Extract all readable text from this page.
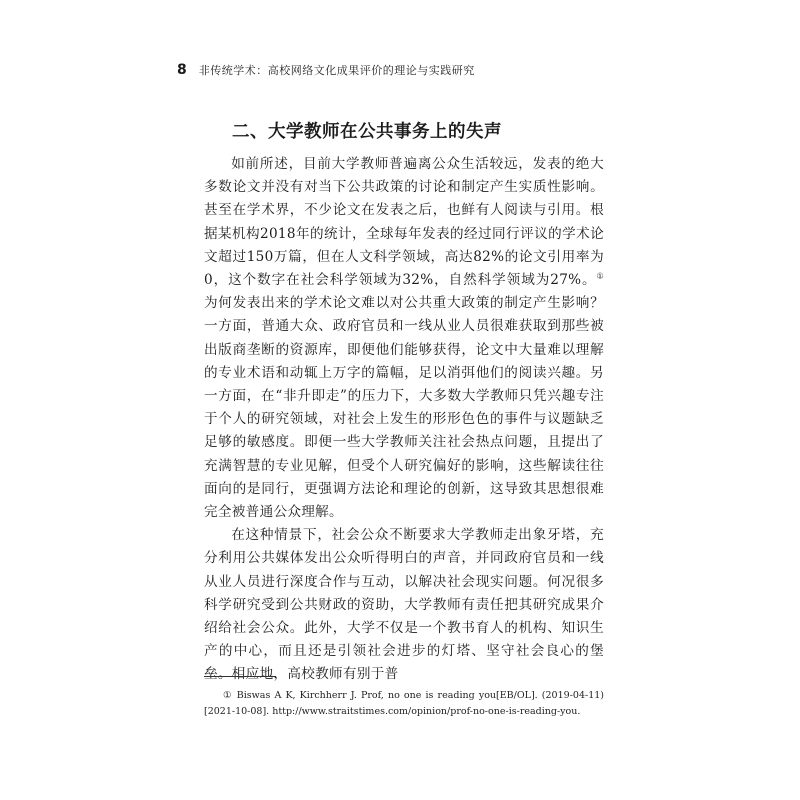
8 非传统学术：高校网络文化成果评价的理论与实践研究
二、大学教师在公共事务上的失声

如前所述，目前大学教师普遍离公众生活较远，发表的绝大多数论文并没有对当下公共政策的讨论和制定产生实质性影响。甚至在学术界，不少论文在发表之后，也鲜有人阅读与引用。根据某机构2018年的统计，全球每年发表的经过同行评议的学术论文超过150万篇，但在人文科学领域，高达82%的论文引用率为0，这个数字在社会科学领域为32%，自然科学领域为27%。① 为何发表出来的学术论文难以对公共重大政策的制定产生影响？一方面，普通大众、政府官员和一线从业人员很难获取到那些被出版商垄断的资源库，即便他们能够获得，论文中大量难以理解的专业术语和动辄上万字的篇幅，足以消弭他们的阅读兴趣。另一方面，在“非升即走”的压力下，大多数大学教师只凭兴趣专注于个人的研究领域，对社会上发生的形形色色的事件与议题缺乏足够的敏感度。即便一些大学教师关注社会热点问题，且提出了充满智慧的专业见解，但受个人研究偏好的影响，这些解读往往面向的是同行，更强调方法论和理论的创新，这导致其思想很难完全被普通公众理解。

在这种情景下，社会公众不断要求大学教师走出象牙塔，充分利用公共媒体发出公众听得明白的声音，并同政府官员和一线从业人员进行深度合作与互动，以解决社会现实问题。何况很多科学研究受到公共财政的资助，大学教师有责任把其研究成果介绍给社会公众。此外，大学不仅是一个教书育人的机构、知识生产的中心，而且还是引领社会进步的灯塔、坚守社会良心的堡垒。相应地，高校教师有别于普

① Biswas A K, Kirchherr J. Prof, no one is reading you[EB/OL]. (2019-04-11)[2021-10-08]. http://www.straitstimes.com/opinion/prof-no-one-is-reading-you.
